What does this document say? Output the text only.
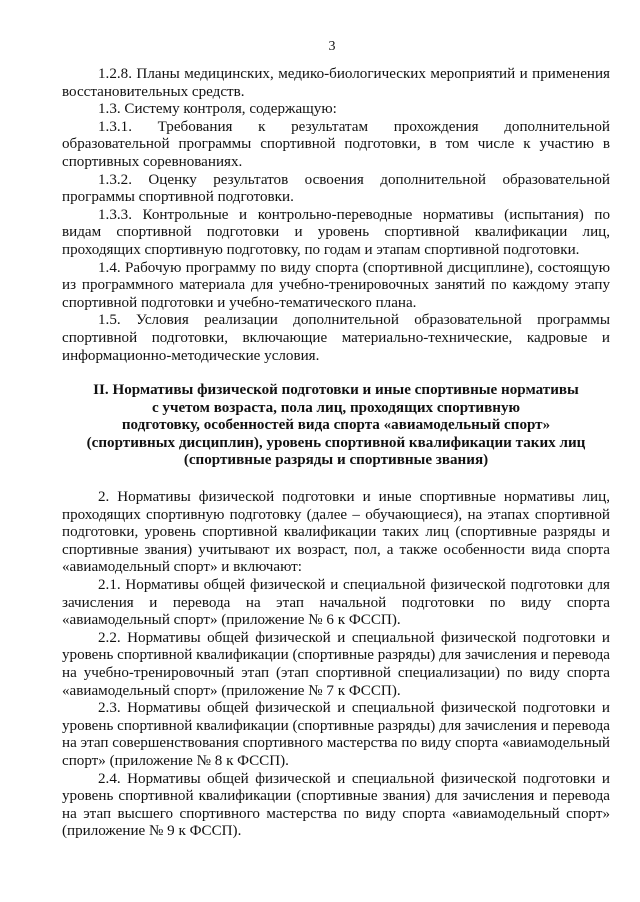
3

1.2.8. Планы медицинских, медико-биологических мероприятий и применения восстановительных средств.

1.3. Систему контроля, содержащую:

1.3.1. Требования к результатам прохождения дополнительной образовательной программы спортивной подготовки, в том числе к участию в спортивных соревнованиях.

1.3.2. Оценку результатов освоения дополнительной образовательной программы спортивной подготовки.

1.3.3. Контрольные и контрольно-переводные нормативы (испытания) по видам спортивной подготовки и уровень спортивной квалификации лиц, проходящих спортивную подготовку, по годам и этапам спортивной подготовки.

1.4. Рабочую программу по виду спорта (спортивной дисциплине), состоящую из программного материала для учебно-тренировочных занятий по каждому этапу спортивной подготовки и учебно-тематического плана.

1.5. Условия реализации дополнительной образовательной программы спортивной подготовки, включающие материально-технические, кадровые и информационно-методические условия.

II. Нормативы физической подготовки и иные спортивные нормативы
с учетом возраста, пола лиц, проходящих спортивную
подготовку, особенностей вида спорта «авиамодельный спорт»
(спортивных дисциплин), уровень спортивной квалификации таких лиц
(спортивные разряды и спортивные звания)

2. Нормативы физической подготовки и иные спортивные нормативы лиц, проходящих спортивную подготовку (далее – обучающиеся), на этапах спортивной подготовки, уровень спортивной квалификации таких лиц (спортивные разряды и спортивные звания) учитывают их возраст, пол, а также особенности вида спорта «авиамодельный спорт» и включают:

2.1. Нормативы общей физической и специальной физической подготовки для зачисления и перевода на этап начальной подготовки по виду спорта «авиамодельный спорт» (приложение № 6 к ФССП).

2.2. Нормативы общей физической и специальной физической подготовки и уровень спортивной квалификации (спортивные разряды) для зачисления и перевода на учебно-тренировочный этап (этап спортивной специализации) по виду спорта «авиамодельный спорт» (приложение № 7 к ФССП).

2.3. Нормативы общей физической и специальной физической подготовки и уровень спортивной квалификации (спортивные разряды) для зачисления и перевода на этап совершенствования спортивного мастерства по виду спорта «авиамодельный спорт» (приложение № 8 к ФССП).

2.4. Нормативы общей физической и специальной физической подготовки и уровень спортивной квалификации (спортивные звания) для зачисления и перевода на этап высшего спортивного мастерства по виду спорта «авиамодельный спорт» (приложение № 9 к ФССП).
